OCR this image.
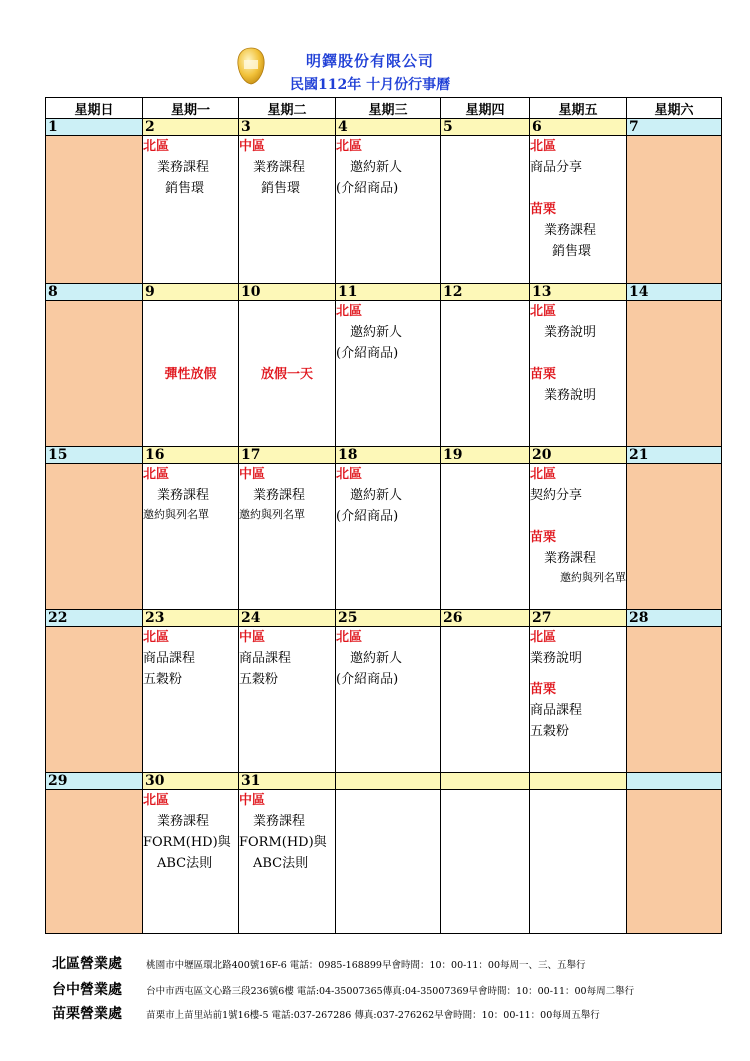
明鐸股份有限公司
民國112年 十月份行事曆
星期日	星期一	星期二	星期三	星期四	星期五	星期六
1	2	3	4	5	6	7

	北區
業務課程
銷售環	中區
業務課程
銷售環	北區
邀約新人
(介紹商品)		北區
商品分享
苗栗
業務課程
銷售環	

8	9	10	11	12	13	14

	彈性放假	放假一天	北區
邀約新人
(介紹商品)		北區
業務說明
苗栗
業務說明	

15	16	17	18	19	20	21

	北區
業務課程
邀約與列名單	中區
業務課程
邀約與列名單	北區
邀約新人
(介紹商品)		北區
契約分享
苗栗
業務課程
邀約與列名單	

22	23	24	25	26	27	28

	北區
商品課程
五穀粉	中區
商品課程
五穀粉	北區
邀約新人
(介紹商品)		北區
業務說明
苗栗
商品課程
五穀粉	

29	30	31				

	北區
業務課程
FORM(HD)與
ABC法則	中區
業務課程
FORM(HD)與
ABC法則				

北區營業處	桃園市中壢區環北路400號16F-6 電話：0985-168899早會時間：10：00-11：00每周一、三、五舉行
台中營業處	台中市西屯區文心路三段236號6樓 電話:04-35007365傳真:04-35007369早會時間：10：00-11：00每周二舉行
苗栗營業處	苗栗市上苗里站前1號16樓-5 電話:037-267286 傳真:037-276262早會時間：10：00-11：00每周五舉行
